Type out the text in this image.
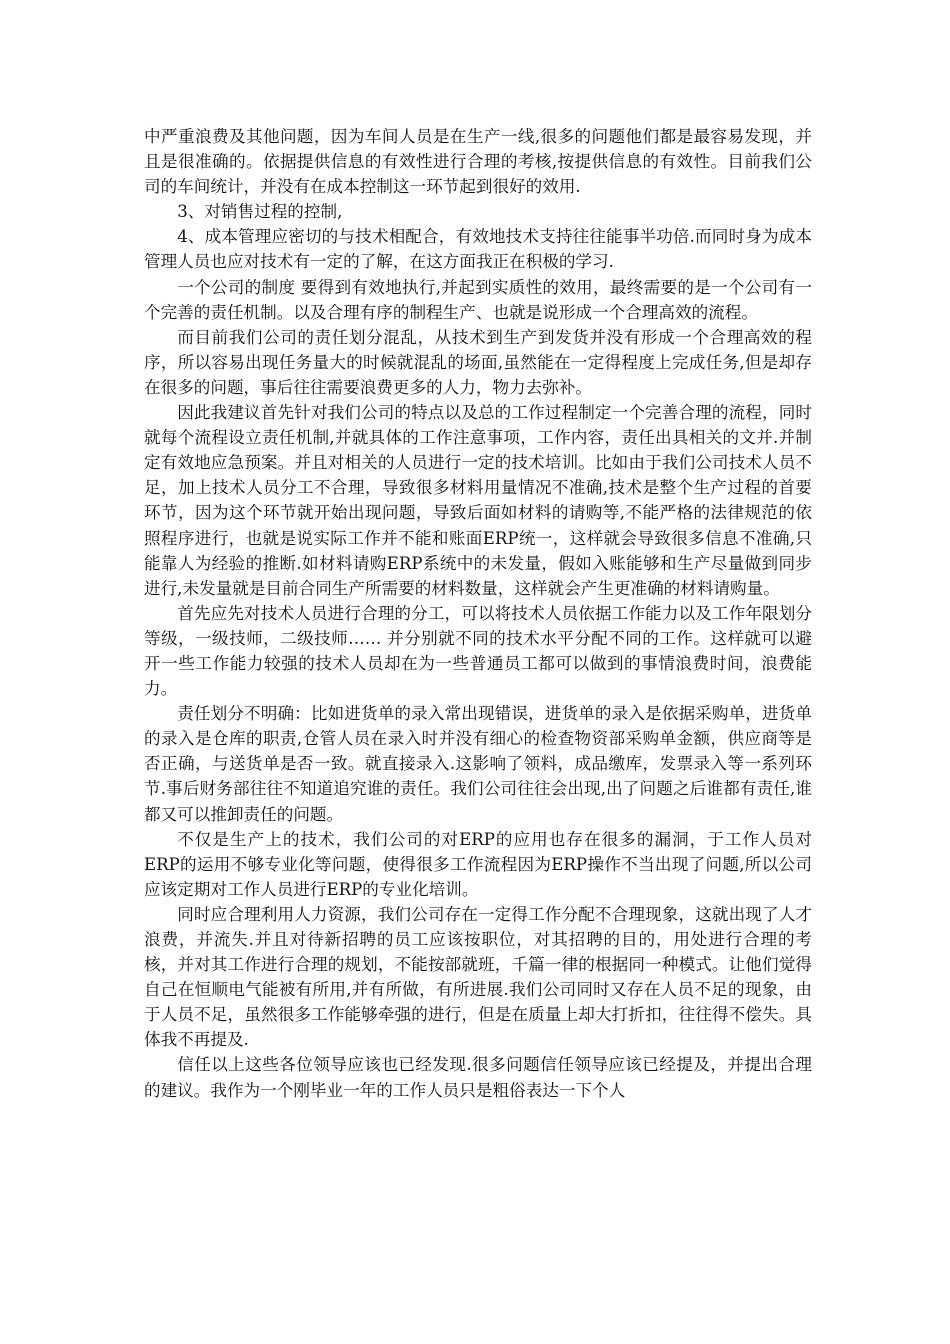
中严重浪费及其他问题，因为车间人员是在生产一线,很多的问题他们都是最容易发现，并且是很准确的。依据提供信息的有效性进行合理的考核,按提供信息的有效性。目前我们公司的车间统计，并没有在成本控制这一环节起到很好的效用.

3、对销售过程的控制,

4、成本管理应密切的与技术相配合，有效地技术支持往往能事半功倍.而同时身为成本管理人员也应对技术有一定的了解，在这方面我正在积极的学习.

一个公司的制度 要得到有效地执行,并起到实质性的效用，最终需要的是一个公司有一个完善的责任机制。以及合理有序的制程生产、也就是说形成一个合理高效的流程。

而目前我们公司的责任划分混乱，从技术到生产到发货并没有形成一个合理高效的程序，所以容易出现任务量大的时候就混乱的场面,虽然能在一定得程度上完成任务,但是却存在很多的问题，事后往往需要浪费更多的人力，物力去弥补。

因此我建议首先针对我们公司的特点以及总的工作过程制定一个完善合理的流程，同时就每个流程设立责任机制,并就具体的工作注意事项，工作内容，责任出具相关的文并.并制定有效地应急预案。并且对相关的人员进行一定的技术培训。比如由于我们公司技术人员不足，加上技术人员分工不合理，导致很多材料用量情况不准确,技术是整个生产过程的首要环节，因为这个环节就开始出现问题，导致后面如材料的请购等,不能严格的法律规范的依照程序进行，也就是说实际工作并不能和账面ERP统一，这样就会导致很多信息不准确,只能靠人为经验的推断.如材料请购ERP系统中的未发量，假如入账能够和生产尽量做到同步进行,未发量就是目前合同生产所需要的材料数量，这样就会产生更准确的材料请购量。

首先应先对技术人员进行合理的分工，可以将技术人员依据工作能力以及工作年限划分等级，一级技师，二级技师…… 并分别就不同的技术水平分配不同的工作。这样就可以避开一些工作能力较强的技术人员却在为一些普通员工都可以做到的事情浪费时间，浪费能力。

责任划分不明确：比如进货单的录入常出现错误，进货单的录入是依据采购单，进货单的录入是仓库的职责,仓管人员在录入时并没有细心的检查物资部采购单金额，供应商等是否正确，与送货单是否一致。就直接录入.这影响了领料，成品缴库，发票录入等一系列环节.事后财务部往往不知道追究谁的责任。我们公司往往会出现,出了问题之后谁都有责任,谁都又可以推卸责任的问题。

不仅是生产上的技术，我们公司的对ERP的应用也存在很多的漏洞，于工作人员对ERP的运用不够专业化等问题，使得很多工作流程因为ERP操作不当出现了问题,所以公司应该定期对工作人员进行ERP的专业化培训。

同时应合理利用人力资源，我们公司存在一定得工作分配不合理现象，这就出现了人才浪费，并流失.并且对待新招聘的员工应该按职位，对其招聘的目的，用处进行合理的考核，并对其工作进行合理的规划，不能按部就班，千篇一律的根据同一种模式。让他们觉得自己在恒顺电气能被有所用,并有所做，有所进展.我们公司同时又存在人员不足的现象，由于人员不足，虽然很多工作能够牵强的进行，但是在质量上却大打折扣，往往得不偿失。具体我不再提及.

信任以上这些各位领导应该也已经发现.很多问题信任领导应该已经提及，并提出合理的建议。我作为一个刚毕业一年的工作人员只是粗俗表达一下个人
